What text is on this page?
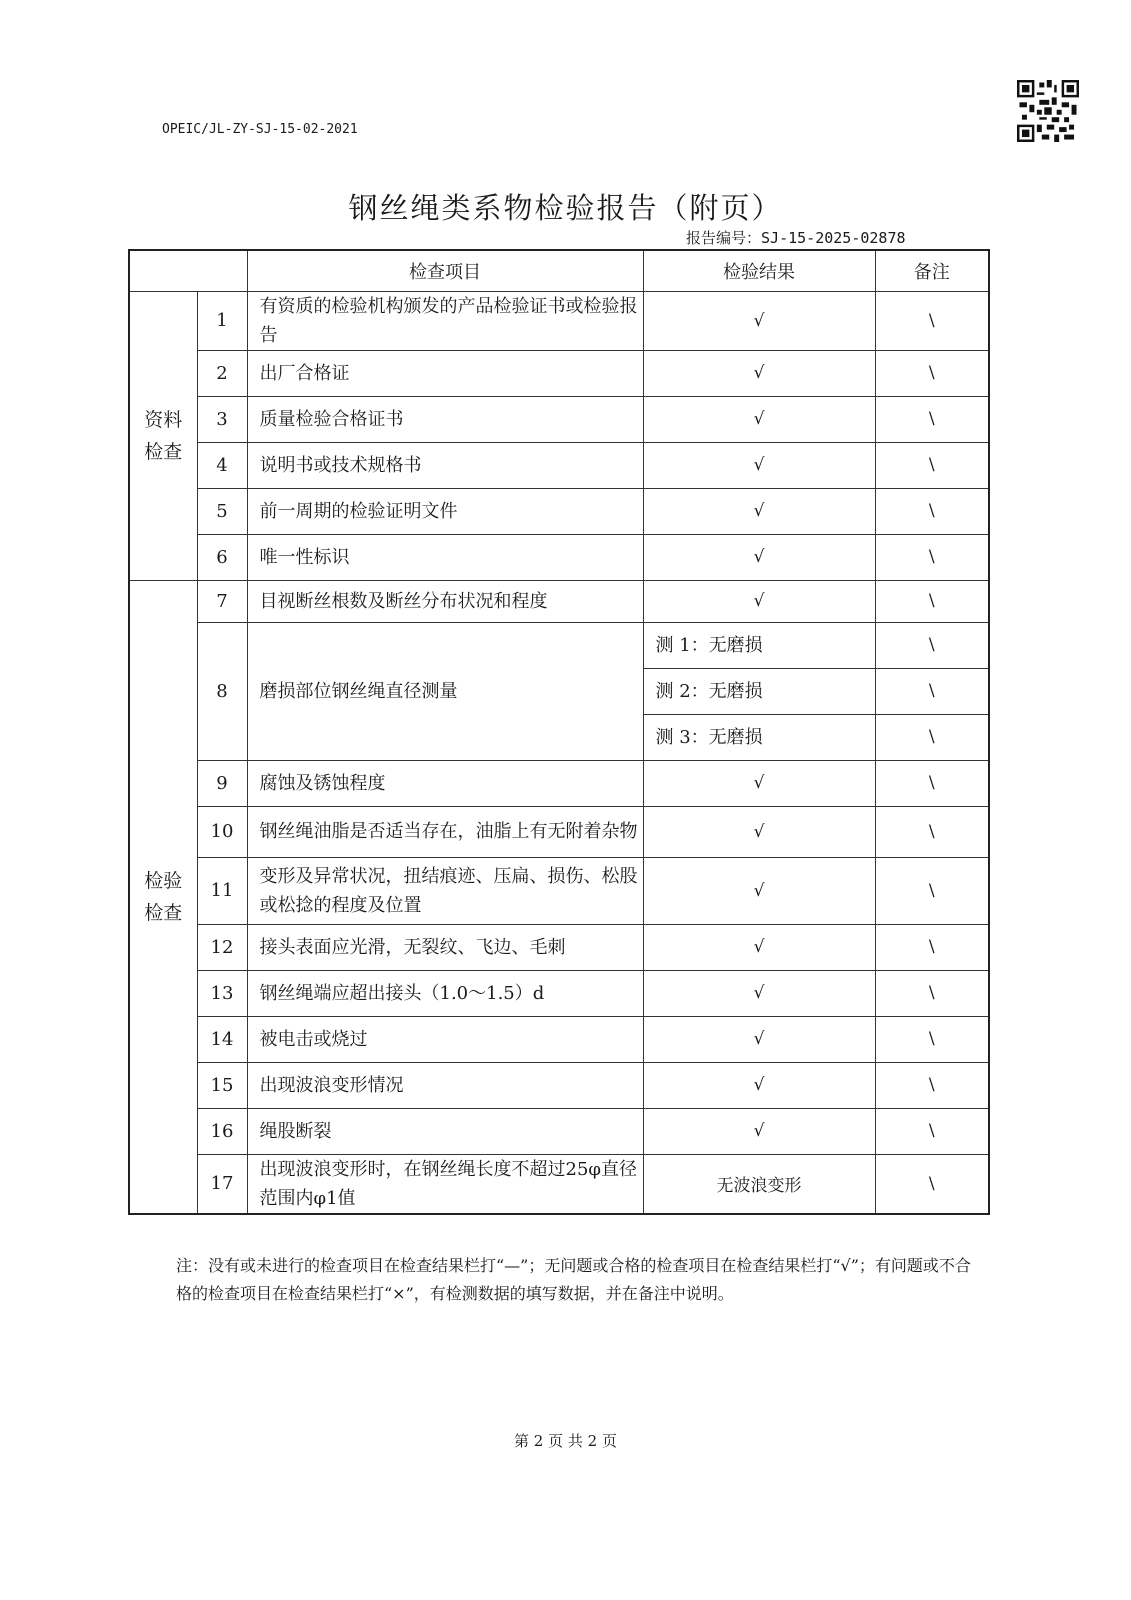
OPEIC/JL-ZY-SJ-15-02-2021
钢丝绳类系物检验报告（附页）
报告编号：SJ-15-2025-02878
		检查项目	检验结果	备注
资料
检查	1	有资质的检验机构颁发的产品检验证书或检验报告	√	\
	2	出厂合格证	√	\
	3	质量检验合格证书	√	\
	4	说明书或技术规格书	√	\
	5	前一周期的检验证明文件	√	\
	6	唯一性标识	√	\
检验
检查	7	目视断丝根数及断丝分布状况和程度	√	\
	8	磨损部位钢丝绳直径测量	测 1：无磨损	\
			测 2：无磨损	\
			测 3：无磨损	\
	9	腐蚀及锈蚀程度	√	\
	10	钢丝绳油脂是否适当存在，油脂上有无附着杂物	√	\
	11	变形及异常状况，扭结痕迹、压扁、损伤、松股或松捻的程度及位置	√	\
	12	接头表面应光滑，无裂纹、飞边、毛刺	√	\
	13	钢丝绳端应超出接头（1.0～1.5）d	√	\
	14	被电击或烧过	√	\
	15	出现波浪变形情况	√	\
	16	绳股断裂	√	\
	17	出现波浪变形时，在钢丝绳长度不超过25φ直径范围内φ1值	无波浪变形	\
注：没有或未进行的检查项目在检查结果栏打“—”；无问题或合格的检查项目在检查结果栏打“√”；有问题或不合格的检查项目在检查结果栏打“×”，有检测数据的填写数据，并在备注中说明。
第 2 页 共 2 页
